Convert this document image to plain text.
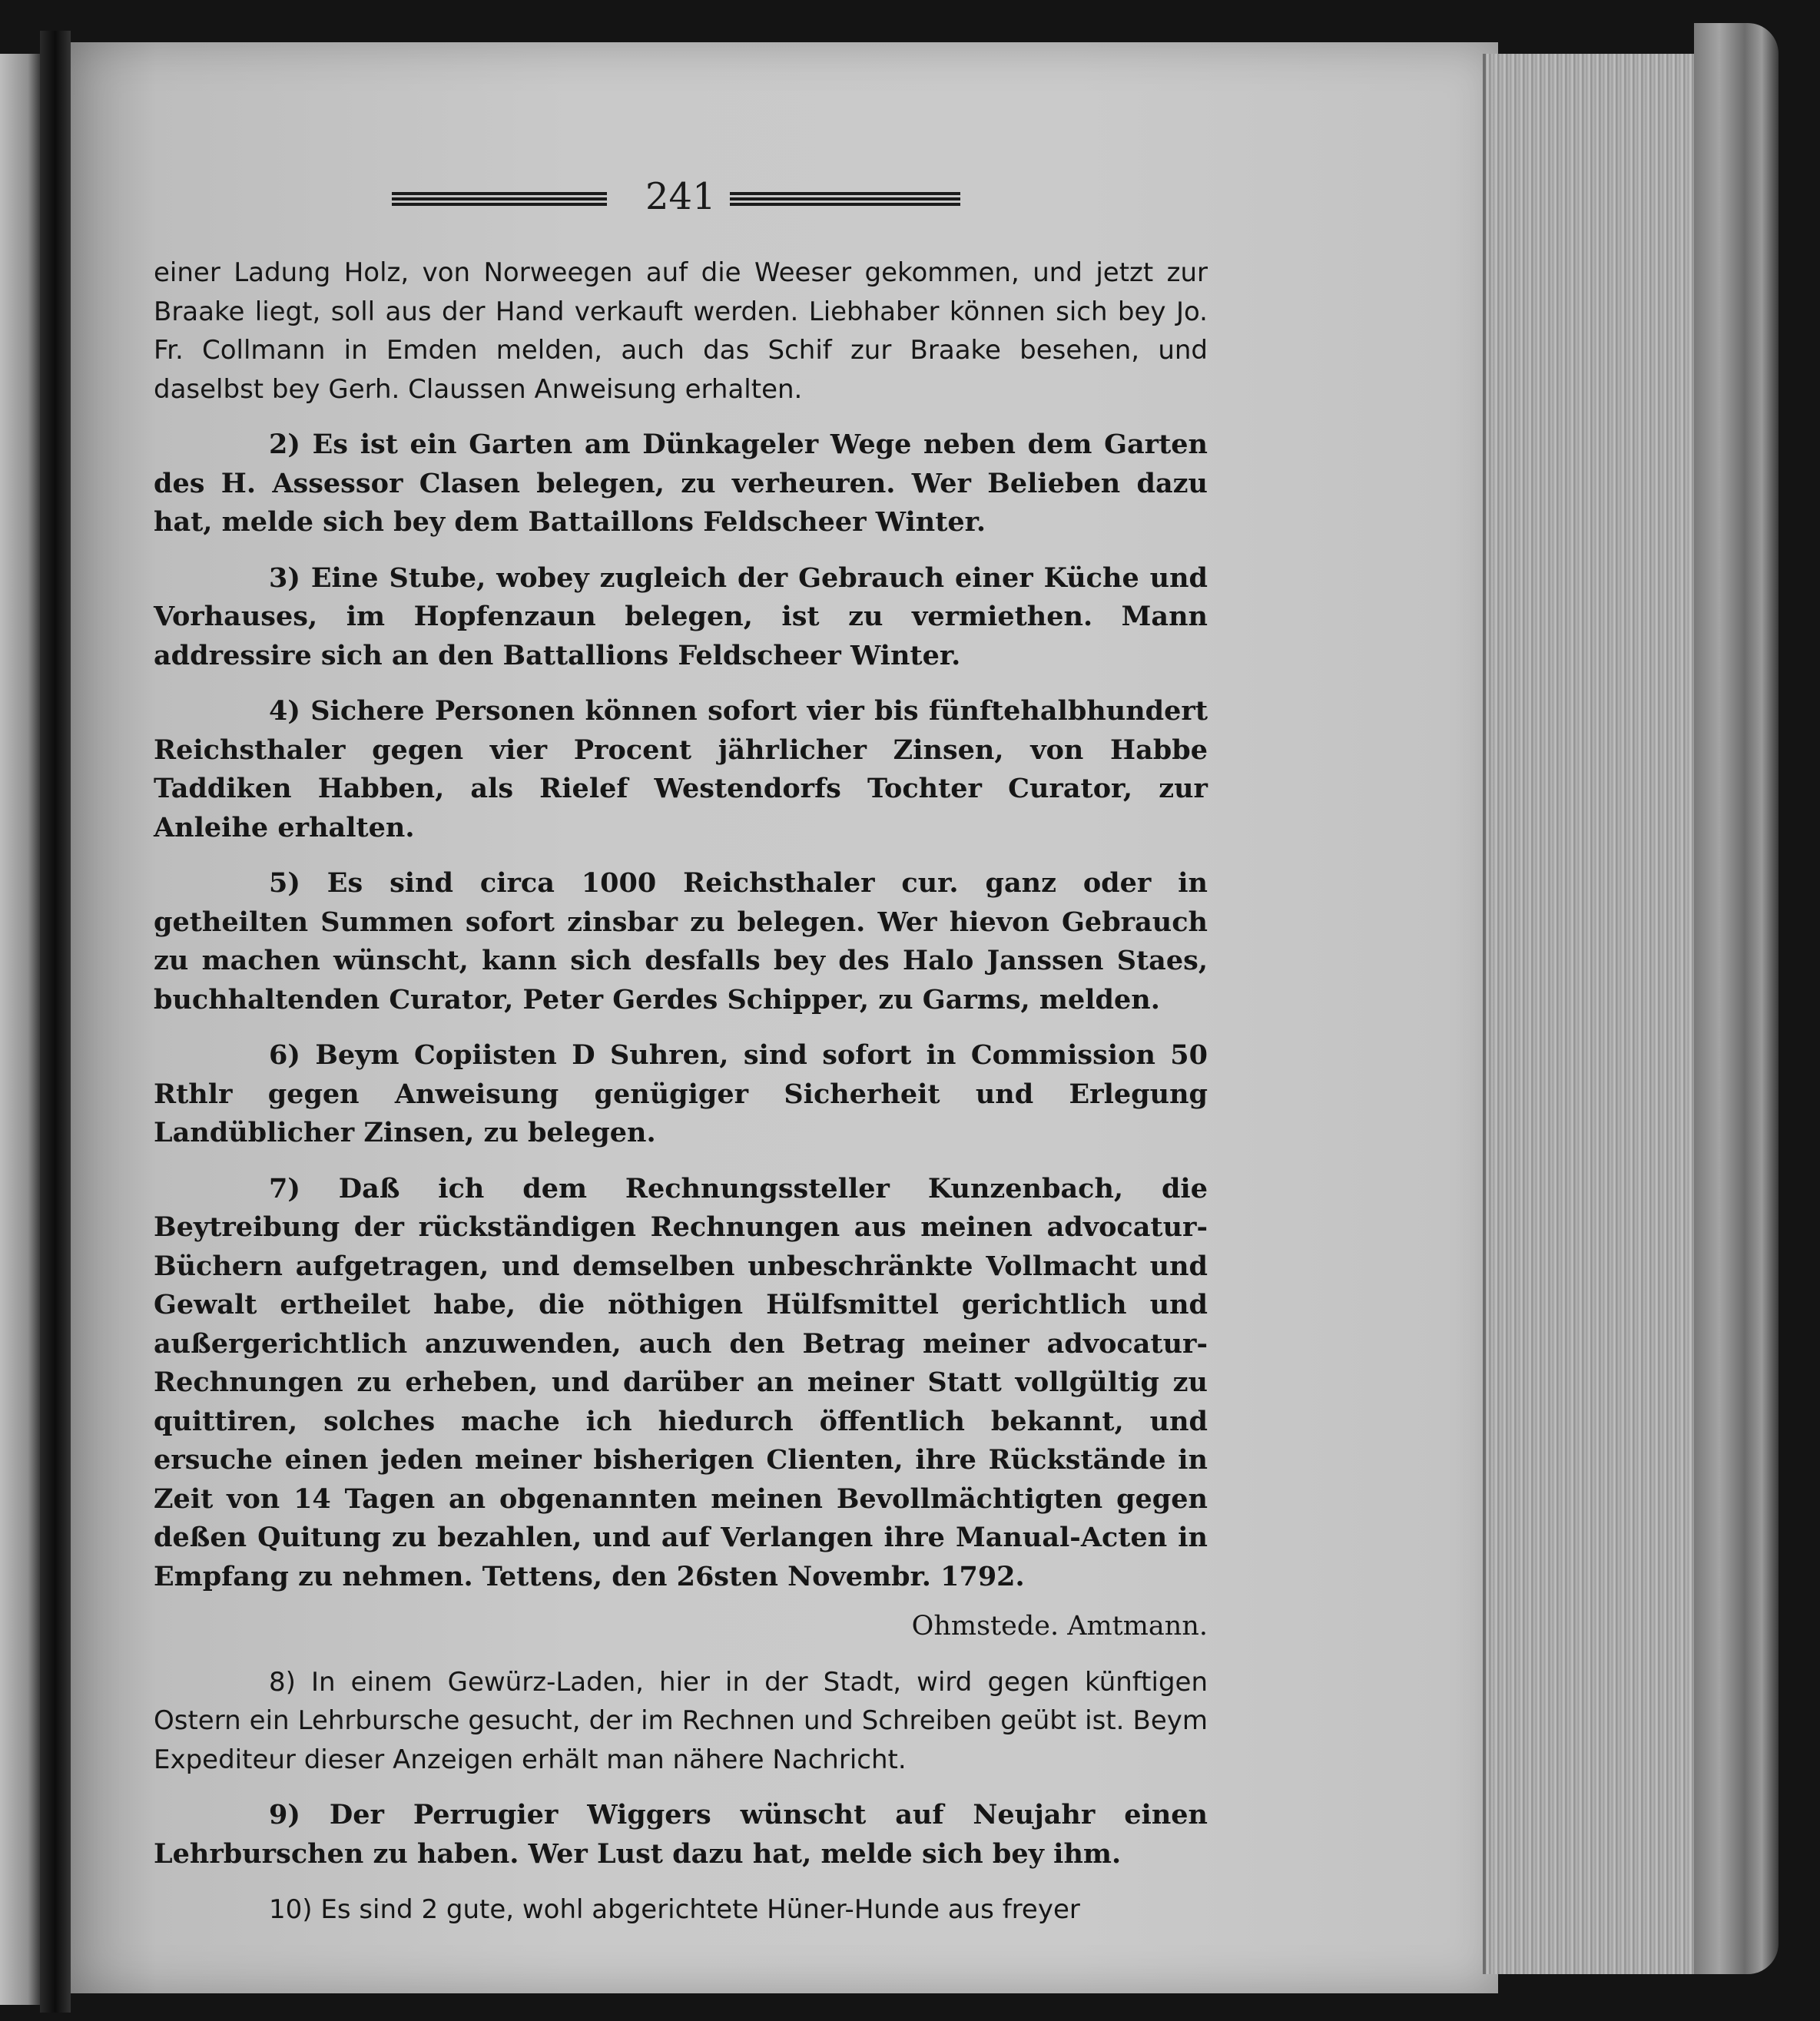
241

einer Ladung Holz, von Norweegen auf die Weeser gekommen, und jetzt zur Braake liegt, soll aus der Hand verkauft werden. Liebhaber können sich bey Jo. Fr. Collmann in Emden melden, auch das Schif zur Braake besehen, und daselbst bey Gerh. Claussen Anweisung erhalten.

2) Es ist ein Garten am Dünkageler Wege neben dem Garten des H. Assessor Clasen belegen, zu verheuren. Wer Belieben dazu hat, melde sich bey dem Battaillons Feldscheer Winter.

3) Eine Stube, wobey zugleich der Gebrauch einer Küche und Vorhauses, im Hopfenzaun belegen, ist zu vermiethen. Mann addressire sich an den Battallions Feldscheer Winter.

4) Sichere Personen können sofort vier bis fünftehalbhundert Reichsthaler gegen vier Procent jährlicher Zinsen, von Habbe Taddiken Habben, als Rielef Westendorfs Tochter Curator, zur Anleihe erhalten.

5) Es sind circa 1000 Reichsthaler cur. ganz oder in getheilten Summen sofort zinsbar zu belegen. Wer hievon Gebrauch zu machen wünscht, kann sich desfalls bey des Halo Janssen Staes, buchhaltenden Curator, Peter Gerdes Schipper, zu Garms, melden.

6) Beym Copiisten D Suhren, sind sofort in Commission 50 Rthlr gegen Anweisung genügiger Sicherheit und Erlegung Landüblicher Zinsen, zu belegen.

7) Daß ich dem Rechnungssteller Kunzenbach, die Beytreibung der rückständigen Rechnungen aus meinen advocatur-Büchern aufgetragen, und demselben unbeschränkte Vollmacht und Gewalt ertheilet habe, die nöthigen Hülfsmittel gerichtlich und außergerichtlich anzuwenden, auch den Betrag meiner advocatur-Rechnungen zu erheben, und darüber an meiner Statt vollgültig zu quittiren, solches mache ich hiedurch öffentlich bekannt, und ersuche einen jeden meiner bisherigen Clienten, ihre Rückstände in Zeit von 14 Tagen an obgenannten meinen Bevollmächtigten gegen deßen Quitung zu bezahlen, und auf Verlangen ihre Manual-Acten in Empfang zu nehmen. Tettens, den 26sten Novembr. 1792.

Ohmstede. Amtmann.

8) In einem Gewürz-Laden, hier in der Stadt, wird gegen künftigen Ostern ein Lehrbursche gesucht, der im Rechnen und Schreiben geübt ist. Beym Expediteur dieser Anzeigen erhält man nähere Nachricht.

9) Der Perrugier Wiggers wünscht auf Neujahr einen Lehrburschen zu haben. Wer Lust dazu hat, melde sich bey ihm.

10) Es sind 2 gute, wohl abgerichtete Hüner-Hunde aus freyer
